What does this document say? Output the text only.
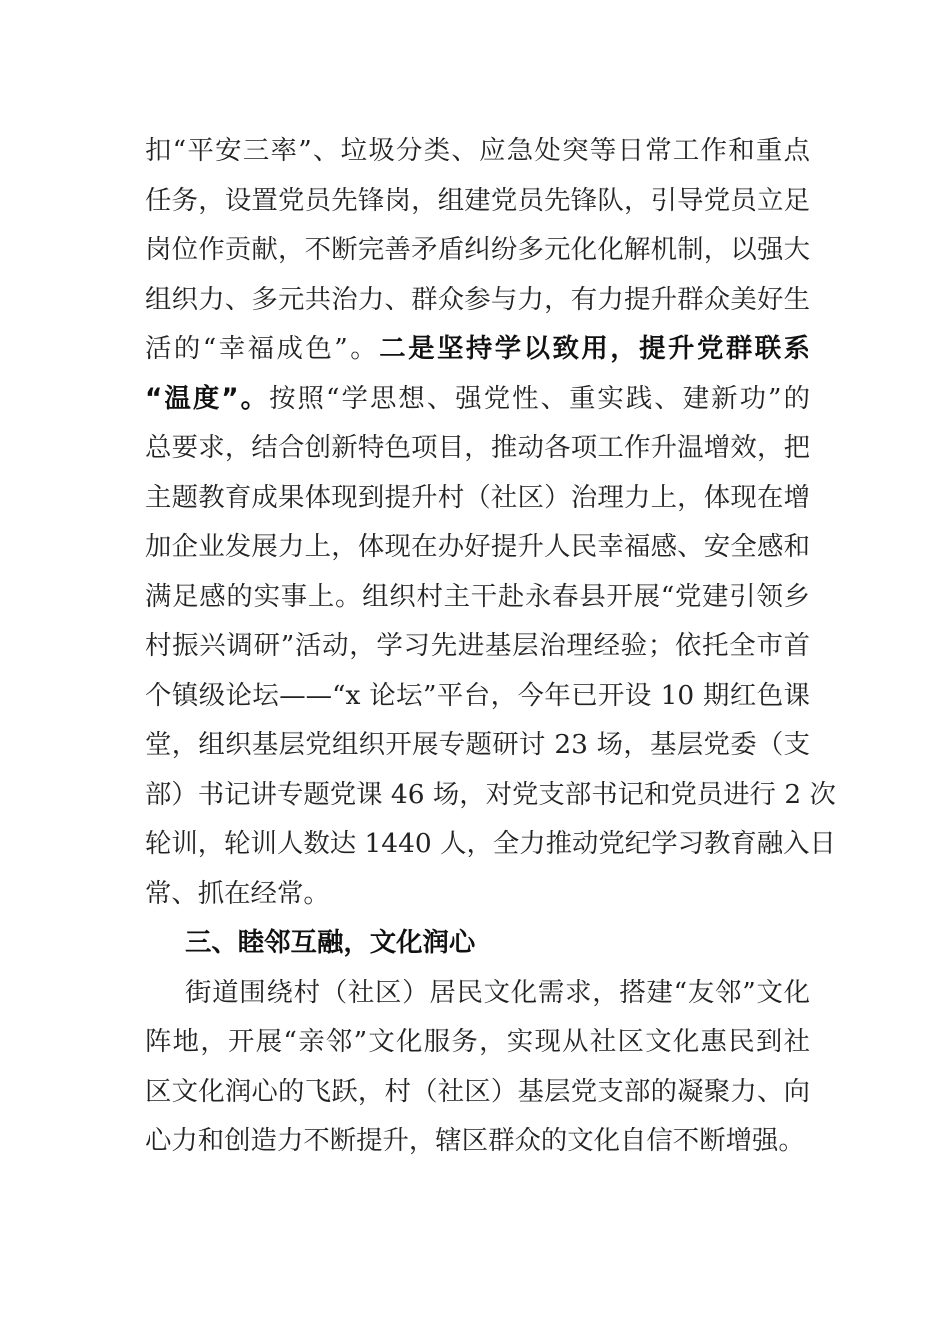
扣“平安三率”、垃圾分类、应急处突等日常工作和重点
任务，设置党员先锋岗，组建党员先锋队，引导党员立足
岗位作贡献，不断完善矛盾纠纷多元化化解机制，以强大
组织力、多元共治力、群众参与力，有力提升群众美好生
活的“幸福成色”。二是坚持学以致用，提升党群联系
“温度”。按照“学思想、强党性、重实践、建新功”的
总要求，结合创新特色项目，推动各项工作升温增效，把
主题教育成果体现到提升村（社区）治理力上，体现在增
加企业发展力上，体现在办好提升人民幸福感、安全感和
满足感的实事上。组织村主干赴永春县开展“党建引领乡
村振兴调研”活动，学习先进基层治理经验；依托全市首
个镇级论坛——“x 论坛”平台，今年已开设 10 期红色课
堂，组织基层党组织开展专题研讨 23 场，基层党委（支
部）书记讲专题党课 46 场，对党支部书记和党员进行 2 次
轮训，轮训人数达 1440 人，全力推动党纪学习教育融入日
常、抓在经常。
三、睦邻互融，文化润心
街道围绕村（社区）居民文化需求，搭建“友邻”文化
阵地，开展“亲邻”文化服务，实现从社区文化惠民到社
区文化润心的飞跃，村（社区）基层党支部的凝聚力、向
心力和创造力不断提升，辖区群众的文化自信不断增强。
